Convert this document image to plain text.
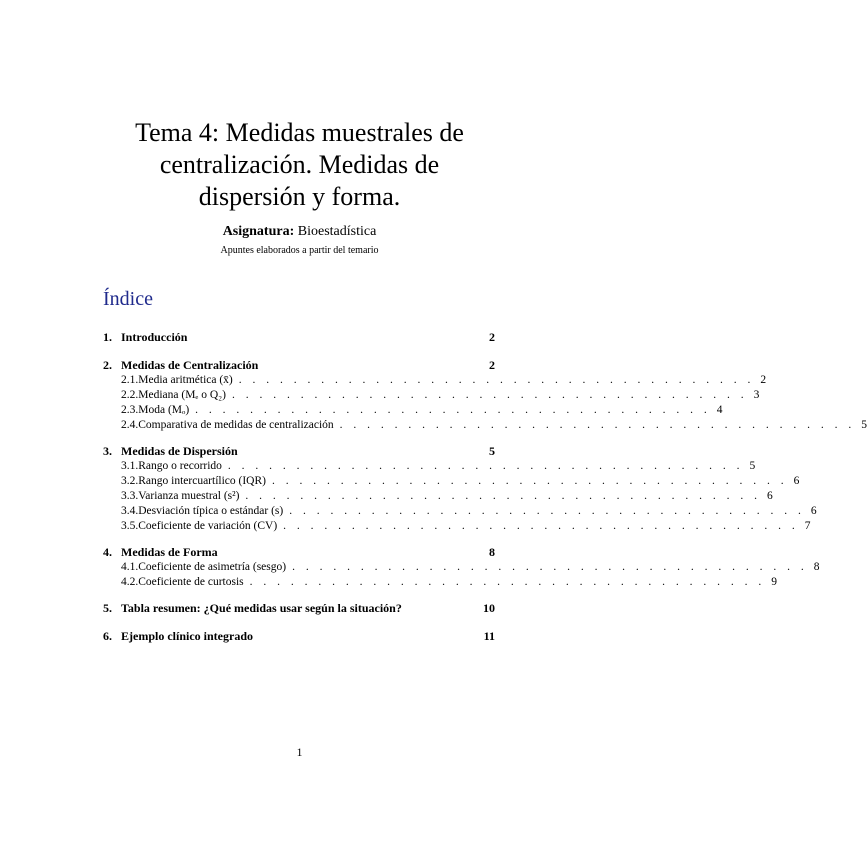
Tema 4: Medidas muestrales de
centralización. Medidas de
dispersión y forma.
Asignatura: Bioestadística
Apuntes elaborados a partir del temario
Índice
1. Introducción	2
2. Medidas de Centralización	2
2.1. Media aritmética (x̄) . . . . . . . . . . . . . . . . . . . . . . . . . . . . . . . . . . . . . . 2
2.2. Mediana (Mₑ o Q₂) . . . . . . . . . . . . . . . . . . . . . . . . . . . . . . . . . . . . . . 3
2.3. Moda (Mₒ) . . . . . . . . . . . . . . . . . . . . . . . . . . . . . . . . . . . . . . 4
2.4. Comparativa de medidas de centralización . . . . . . . . . . . . . . . . . . . . . . . . . . . . . . . . . . . . . . 5
3. Medidas de Dispersión	5
3.1. Rango o recorrido . . . . . . . . . . . . . . . . . . . . . . . . . . . . . . . . . . . . . . 5
3.2. Rango intercuartílico (IQR) . . . . . . . . . . . . . . . . . . . . . . . . . . . . . . . . . . . . . . 6
3.3. Varianza muestral (s²) . . . . . . . . . . . . . . . . . . . . . . . . . . . . . . . . . . . . . . 6
3.4. Desviación típica o estándar (s) . . . . . . . . . . . . . . . . . . . . . . . . . . . . . . . . . . . . . . 6
3.5. Coeficiente de variación (CV) . . . . . . . . . . . . . . . . . . . . . . . . . . . . . . . . . . . . . . 7
4. Medidas de Forma	8
4.1. Coeficiente de asimetría (sesgo) . . . . . . . . . . . . . . . . . . . . . . . . . . . . . . . . . . . . . . 8
4.2. Coeficiente de curtosis . . . . . . . . . . . . . . . . . . . . . . . . . . . . . . . . . . . . . . 9
5. Tabla resumen: ¿Qué medidas usar según la situación?	10
6. Ejemplo clínico integrado	11
1
